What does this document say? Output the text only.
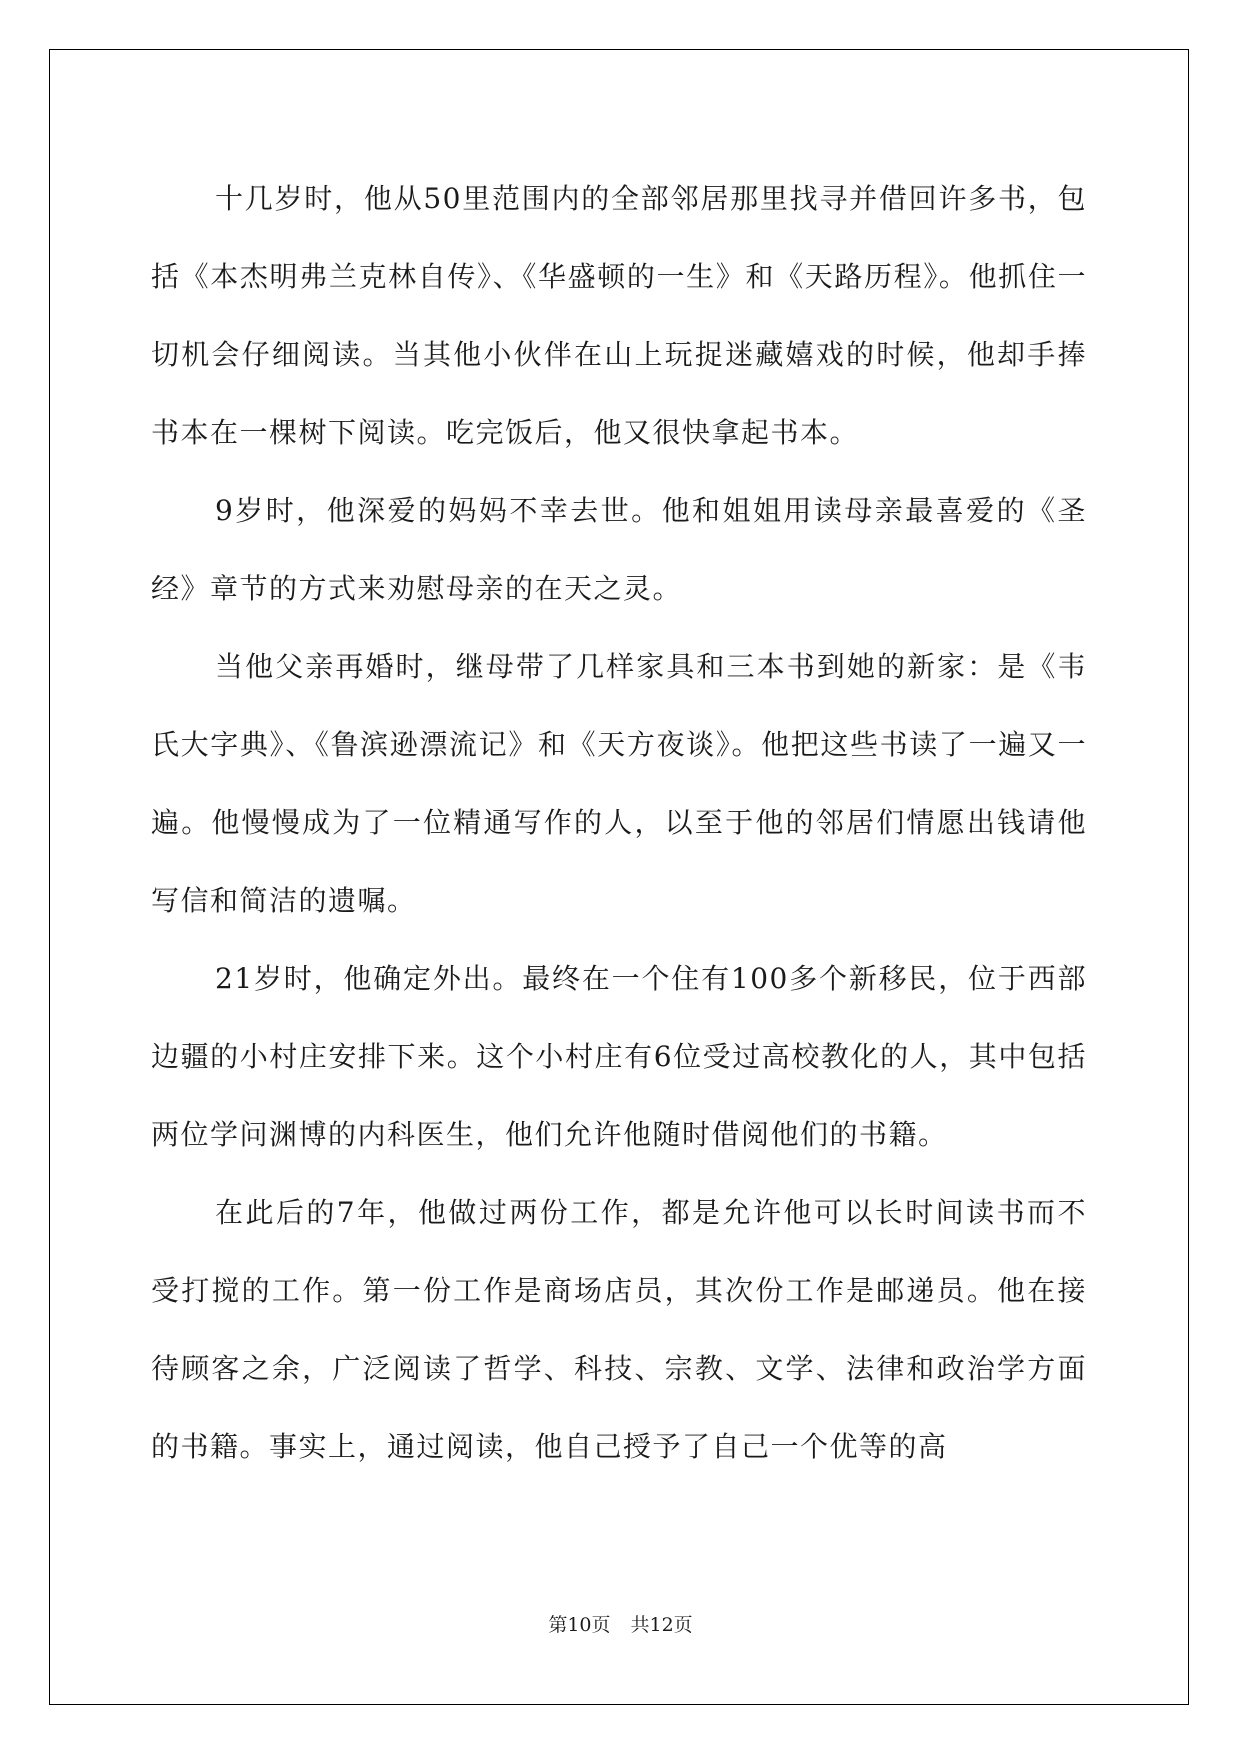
十几岁时，他从50里范围内的全部邻居那里找寻并借回许多书，包括《本杰明弗兰克林自传》、《华盛顿的一生》和《天路历程》。他抓住一切机会仔细阅读。当其他小伙伴在山上玩捉迷藏嬉戏的时候，他却手捧书本在一棵树下阅读。吃完饭后，他又很快拿起书本。

9岁时，他深爱的妈妈不幸去世。他和姐姐用读母亲最喜爱的《圣经》章节的方式来劝慰母亲的在天之灵。

当他父亲再婚时，继母带了几样家具和三本书到她的新家：是《韦氏大字典》、《鲁滨逊漂流记》和《天方夜谈》。他把这些书读了一遍又一遍。他慢慢成为了一位精通写作的人，以至于他的邻居们情愿出钱请他写信和简洁的遗嘱。

21岁时，他确定外出。最终在一个住有100多个新移民，位于西部边疆的小村庄安排下来。这个小村庄有6位受过高校教化的人，其中包括两位学问渊博的内科医生，他们允许他随时借阅他们的书籍。

在此后的7年，他做过两份工作，都是允许他可以长时间读书而不受打搅的工作。第一份工作是商场店员，其次份工作是邮递员。他在接待顾客之余，广泛阅读了哲学、科技、宗教、文学、法律和政治学方面的书籍。事实上，通过阅读，他自己授予了自己一个优等的高

第10页 共12页
